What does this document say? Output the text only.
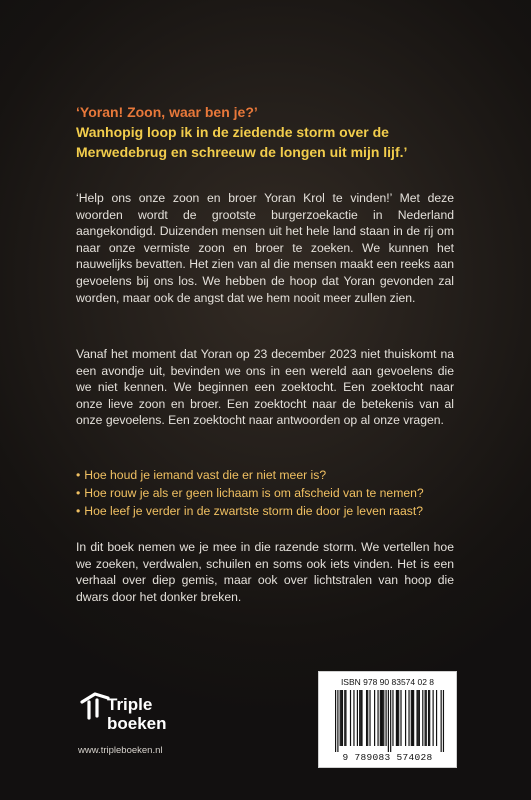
‘Yoran! Zoon, waar ben je?’
Wanhopig loop ik in de ziedende storm over de
Merwedebrug en schreeuw de longen uit mijn lijf.’

‘Help ons onze zoon en broer Yoran Krol te vinden!’ Met deze woorden wordt de grootste burgerzoekactie in Nederland aangekondigd. Duizenden mensen uit het hele land staan in de rij om naar onze vermiste zoon en broer te zoeken. We kunnen het nauwelijks bevatten. Het zien van al die mensen maakt een reeks aan gevoelens bij ons los. We hebben de hoop dat Yoran gevonden zal worden, maar ook de angst dat we hem nooit meer zullen zien.

Vanaf het moment dat Yoran op 23 december 2023 niet thuiskomt na een avondje uit, bevinden we ons in een wereld aan gevoelens die we niet kennen. We beginnen een zoektocht. Een zoektocht naar onze lieve zoon en broer. Een zoektocht naar de betekenis van al onze gevoelens. Een zoektocht naar antwoorden op al onze vragen.

• Hoe houd je iemand vast die er niet meer is?
• Hoe rouw je als er geen lichaam is om afscheid van te nemen?
• Hoe leef je verder in de zwartste storm die door je leven raast?

In dit boek nemen we je mee in die razende storm. We vertellen hoe we zoeken, verdwalen, schuilen en soms ook iets vinden. Het is een verhaal over diep gemis, maar ook over lichtstralen van hoop die dwars door het donker breken.

Triple
boeken
www.tripleboeken.nl
ISBN 978 90 83574 02 8
9 789083 574028
